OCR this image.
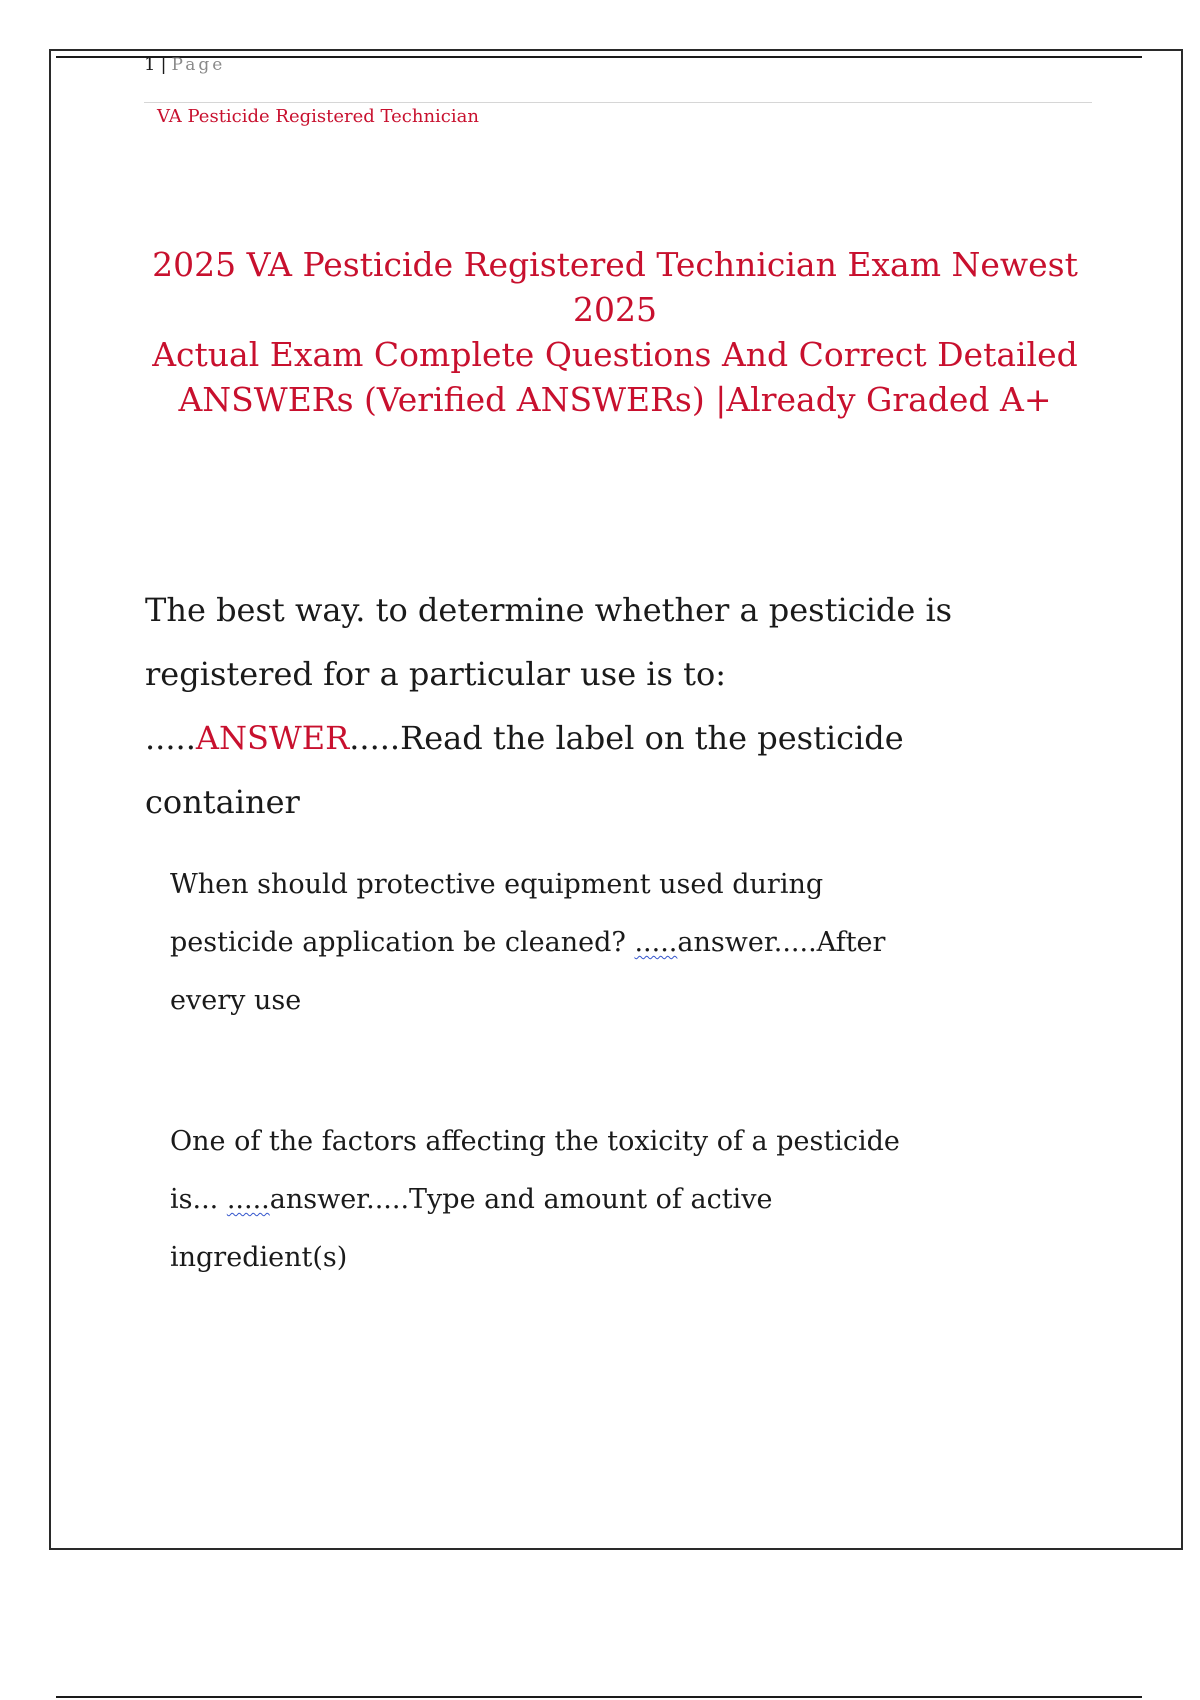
1 | Page
VA Pesticide Registered Technician
2025 VA Pesticide Registered Technician Exam Newest
2025
Actual Exam Complete Questions And Correct Detailed
ANSWERs (Verified ANSWERs) |Already Graded A+
The best way. to determine whether a pesticide is
registered for a particular use is to:
.....ANSWER.....Read the label on the pesticide
container
When should protective equipment used during
pesticide application be cleaned? .....answer.....After
every use
One of the factors affecting the toxicity of a pesticide
is... .....answer.....Type and amount of active
ingredient(s)
